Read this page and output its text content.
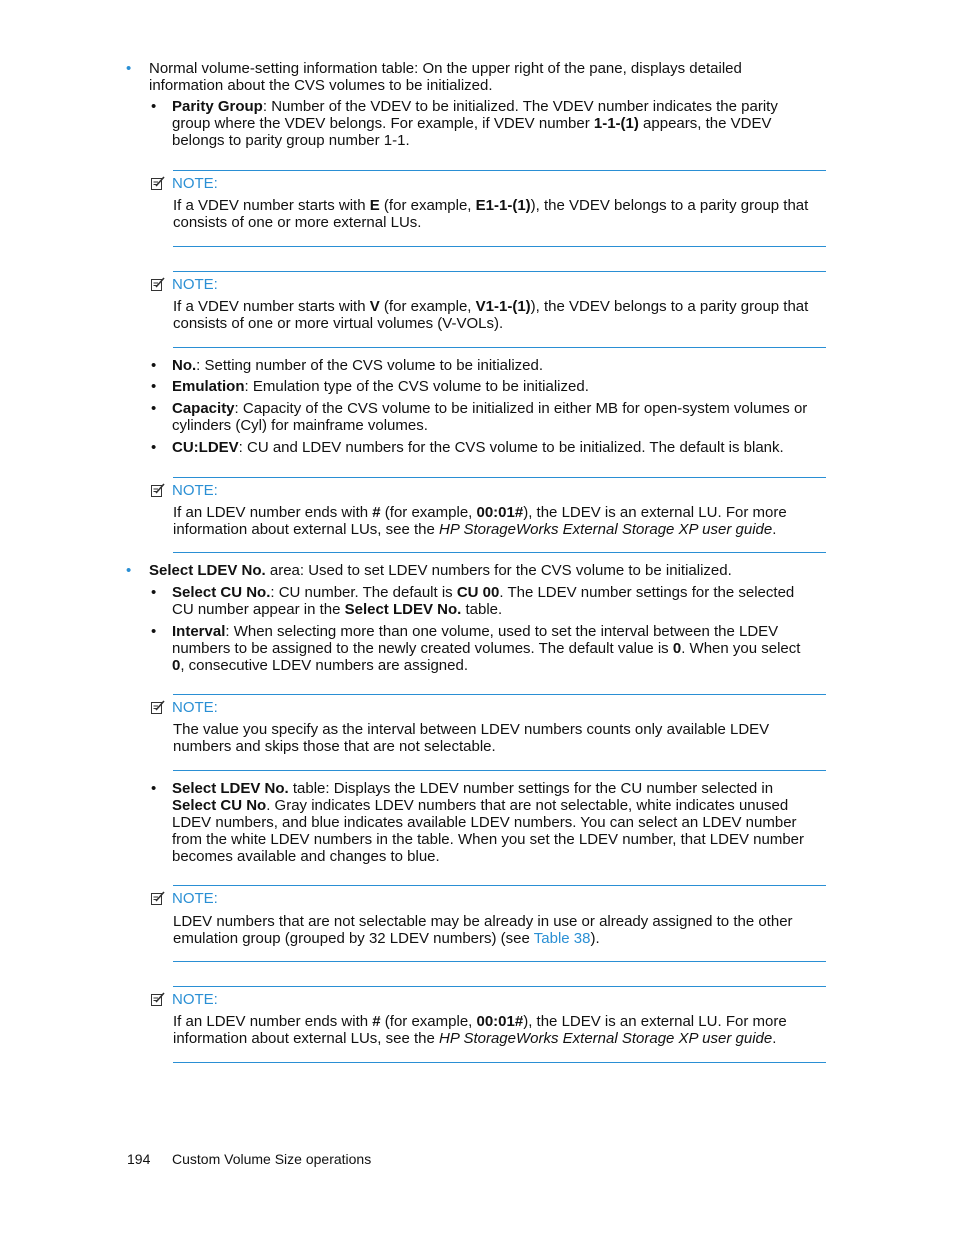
• Normal volume-setting information table: On the upper right of the pane, displays detailed information about the CVS volumes to be initialized.

• Parity Group: Number of the VDEV to be initialized. The VDEV number indicates the parity group where the VDEV belongs. For example, if VDEV number 1-1-(1) appears, the VDEV belongs to parity group number 1-1.

NOTE:

If a VDEV number starts with E (for example, E1-1-(1)), the VDEV belongs to a parity group that consists of one or more external LUs.

NOTE:

If a VDEV number starts with V (for example, V1-1-(1)), the VDEV belongs to a parity group that consists of one or more virtual volumes (V-VOLs).

• No.: Setting number of the CVS volume to be initialized.

• Emulation: Emulation type of the CVS volume to be initialized.

• Capacity: Capacity of the CVS volume to be initialized in either MB for open-system volumes or cylinders (Cyl) for mainframe volumes.

• CU:LDEV: CU and LDEV numbers for the CVS volume to be initialized. The default is blank.

NOTE:

If an LDEV number ends with # (for example, 00:01#), the LDEV is an external LU. For more information about external LUs, see the HP StorageWorks External Storage XP user guide.

• Select LDEV No. area: Used to set LDEV numbers for the CVS volume to be initialized.

• Select CU No.: CU number. The default is CU 00. The LDEV number settings for the selected CU number appear in the Select LDEV No. table.

• Interval: When selecting more than one volume, used to set the interval between the LDEV numbers to be assigned to the newly created volumes. The default value is 0. When you select 0, consecutive LDEV numbers are assigned.

NOTE:

The value you specify as the interval between LDEV numbers counts only available LDEV numbers and skips those that are not selectable.

• Select LDEV No. table: Displays the LDEV number settings for the CU number selected in Select CU No. Gray indicates LDEV numbers that are not selectable, white indicates unused LDEV numbers, and blue indicates available LDEV numbers. You can select an LDEV number from the white LDEV numbers in the table. When you set the LDEV number, that LDEV number becomes available and changes to blue.

NOTE:

LDEV numbers that are not selectable may be already in use or already assigned to the other emulation group (grouped by 32 LDEV numbers) (see Table 38).

NOTE:

If an LDEV number ends with # (for example, 00:01#), the LDEV is an external LU. For more information about external LUs, see the HP StorageWorks External Storage XP user guide.

194 Custom Volume Size operations
